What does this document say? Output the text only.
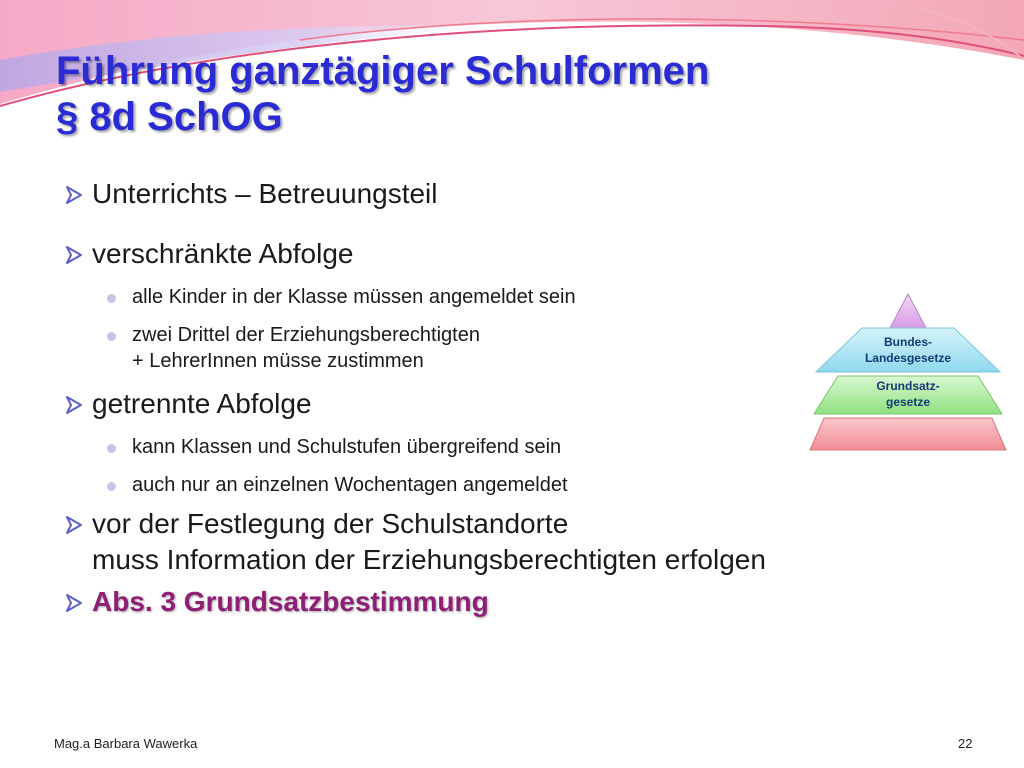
Führung ganztägiger Schulformen
§ 8d SchOG
Unterrichts – Betreuungsteil
verschränkte Abfolge
alle Kinder in der Klasse müssen angemeldet sein
zwei Drittel der Erziehungsberechtigten
+ LehrerInnen müsse zustimmen
getrennte Abfolge
kann Klassen und Schulstufen übergreifend sein
auch nur an einzelnen Wochentagen angemeldet
vor der Festlegung der Schulstandorte
muss Information der Erziehungsberechtigten erfolgen
Abs. 3 Grundsatzbestimmung
Bundes-
Landesgesetze
Grundsatz-
gesetze
Mag.a Barbara Wawerka	22
